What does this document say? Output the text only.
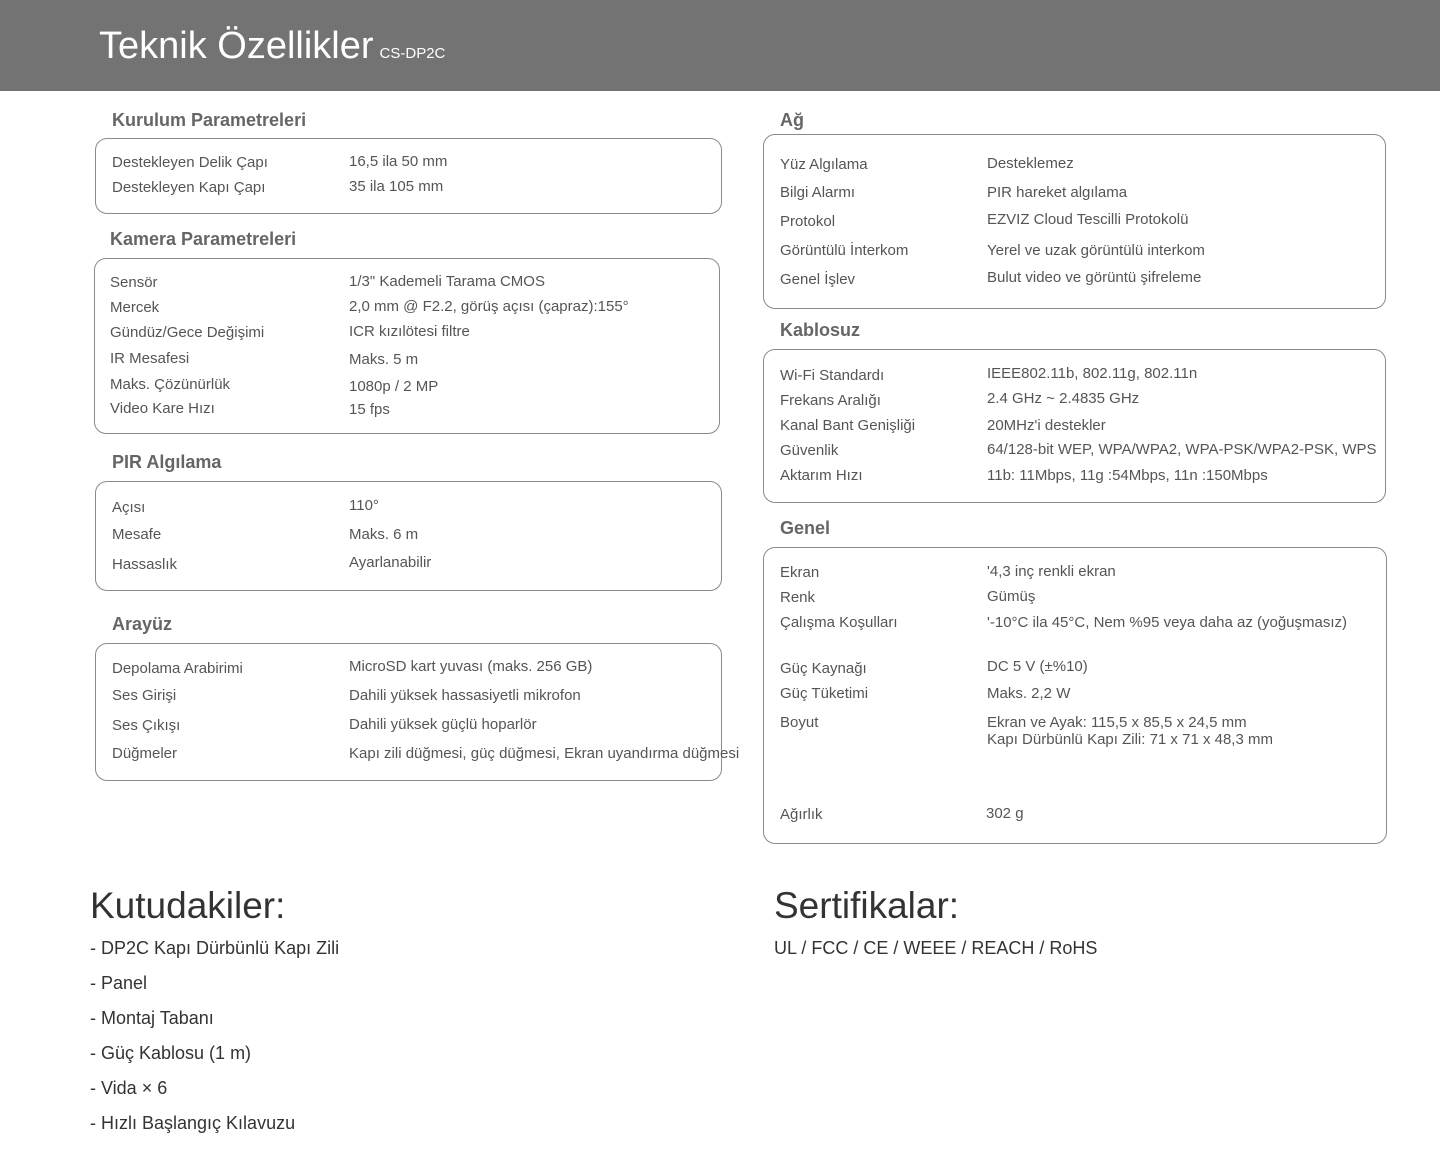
Teknik Özellikler CS-DP2C
Kurulum Parametreleri
Destekleyen Delik Çapı	16,5 ila 50 mm
Destekleyen Kapı Çapı	35 ila 105 mm
Kamera Parametreleri
Sensör	1/3" Kademeli Tarama CMOS
Mercek	2,0 mm @ F2.2, görüş açısı (çapraz):155°
Gündüz/Gece Değişimi	ICR kızılötesi filtre
IR Mesafesi	Maks. 5 m
Maks. Çözünürlük	1080p / 2 MP
Video Kare Hızı	15 fps
PIR Algılama
Açısı	110°
Mesafe	Maks. 6 m
Hassaslık	Ayarlanabilir
Arayüz
Depolama Arabirimi	MicroSD kart yuvası (maks. 256 GB)
Ses Girişi	Dahili yüksek hassasiyetli mikrofon
Ses Çıkışı	Dahili yüksek güçlü hoparlör
Düğmeler	Kapı zili düğmesi, güç düğmesi, Ekran uyandırma düğmesi
Ağ
Yüz Algılama	Desteklemez
Bilgi Alarmı	PIR hareket algılama
Protokol	EZVIZ Cloud Tescilli Protokolü
Görüntülü İnterkom	Yerel ve uzak görüntülü interkom
Genel İşlev	Bulut video ve görüntü şifreleme
Kablosuz
Wi-Fi Standardı	IEEE802.11b, 802.11g, 802.11n
Frekans Aralığı	2.4 GHz ~ 2.4835 GHz
Kanal Bant Genişliği	20MHz'i destekler
Güvenlik	64/128-bit WEP, WPA/WPA2, WPA-PSK/WPA2-PSK, WPS
Aktarım Hızı	11b: 11Mbps, 11g :54Mbps, 11n :150Mbps
Genel
Ekran	'4,3 inç renkli ekran
Renk	Gümüş
Çalışma Koşulları	'-10°C ila 45°C, Nem %95 veya daha az (yoğuşmasız)
Güç Kaynağı	DC 5 V (±%10)
Güç Tüketimi	Maks. 2,2 W
Boyut	Ekran ve Ayak: 115,5 x 85,5 x 24,5 mm
Kapı Dürbünlü Kapı Zili: 71 x 71 x 48,3 mm
Ağırlık	302 g
Kutudakiler:
- DP2C Kapı Dürbünlü Kapı Zili
- Panel
- Montaj Tabanı
- Güç Kablosu (1 m)
- Vida × 6
- Hızlı Başlangıç Kılavuzu
Sertifikalar:
UL / FCC / CE / WEEE / REACH / RoHS
